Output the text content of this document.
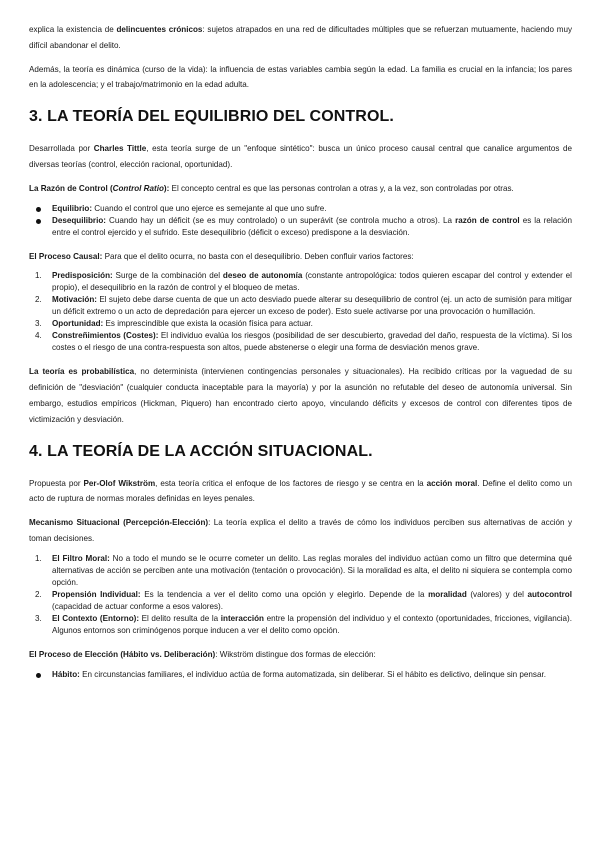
explica la existencia de delincuentes crónicos: sujetos atrapados en una red de dificultades múltiples que se refuerzan mutuamente, haciendo muy difícil abandonar el delito.

Además, la teoría es dinámica (curso de la vida): la influencia de estas variables cambia según la edad. La familia es crucial en la infancia; los pares en la adolescencia; y el trabajo/matrimonio en la edad adulta.

3. LA TEORÍA DEL EQUILIBRIO DEL CONTROL.

Desarrollada por Charles Tittle, esta teoría surge de un "enfoque sintético": busca un único proceso causal central que canalice argumentos de diversas teorías (control, elección racional, oportunidad).

La Razón de Control (Control Ratio): El concepto central es que las personas controlan a otras y, a la vez, son controladas por otras.

Equilibrio: Cuando el control que uno ejerce es semejante al que uno sufre.
Desequilibrio: Cuando hay un déficit (se es muy controlado) o un superávit (se controla mucho a otros). La razón de control es la relación entre el control ejercido y el sufrido. Este desequilibrio (déficit o exceso) predispone a la desviación.

El Proceso Causal: Para que el delito ocurra, no basta con el desequilibrio. Deben confluir varios factores:

1. Predisposición: Surge de la combinación del deseo de autonomía (constante antropológica: todos quieren escapar del control y extender el propio), el desequilibrio en la razón de control y el bloqueo de metas.
2. Motivación: El sujeto debe darse cuenta de que un acto desviado puede alterar su desequilibrio de control (ej. un acto de sumisión para mitigar un déficit extremo o un acto de depredación para ejercer un exceso de poder). Esto suele activarse por una provocación o humillación.
3. Oportunidad: Es imprescindible que exista la ocasión física para actuar.
4. Constreñimientos (Costes): El individuo evalúa los riesgos (posibilidad de ser descubierto, gravedad del daño, respuesta de la víctima). Si los costes o el riesgo de una contra-respuesta son altos, puede abstenerse o elegir una forma de desviación menos grave.

La teoría es probabilística, no determinista (intervienen contingencias personales y situacionales). Ha recibido críticas por la vaguedad de su definición de "desviación" (cualquier conducta inaceptable para la mayoría) y por la asunción no refutable del deseo de autonomía universal. Sin embargo, estudios empíricos (Hickman, Piquero) han encontrado cierto apoyo, vinculando déficits y excesos de control con diferentes tipos de victimización y desviación.

4. LA TEORÍA DE LA ACCIÓN SITUACIONAL.

Propuesta por Per-Olof Wikström, esta teoría critica el enfoque de los factores de riesgo y se centra en la acción moral. Define el delito como un acto de ruptura de normas morales definidas en leyes penales.

Mecanismo Situacional (Percepción-Elección): La teoría explica el delito a través de cómo los individuos perciben sus alternativas de acción y toman decisiones.

1. El Filtro Moral: No a todo el mundo se le ocurre cometer un delito. Las reglas morales del individuo actúan como un filtro que determina qué alternativas de acción se perciben ante una motivación (tentación o provocación). Si la moralidad es alta, el delito ni siquiera se contempla como opción.
2. Propensión Individual: Es la tendencia a ver el delito como una opción y elegirlo. Depende de la moralidad (valores) y del autocontrol (capacidad de actuar conforme a esos valores).
3. El Contexto (Entorno): El delito resulta de la interacción entre la propensión del individuo y el contexto (oportunidades, fricciones, vigilancia). Algunos entornos son criminógenos porque inducen a ver el delito como opción.

El Proceso de Elección (Hábito vs. Deliberación): Wikström distingue dos formas de elección:

Hábito: En circunstancias familiares, el individuo actúa de forma automatizada, sin deliberar. Si el hábito es delictivo, delinque sin pensar.
